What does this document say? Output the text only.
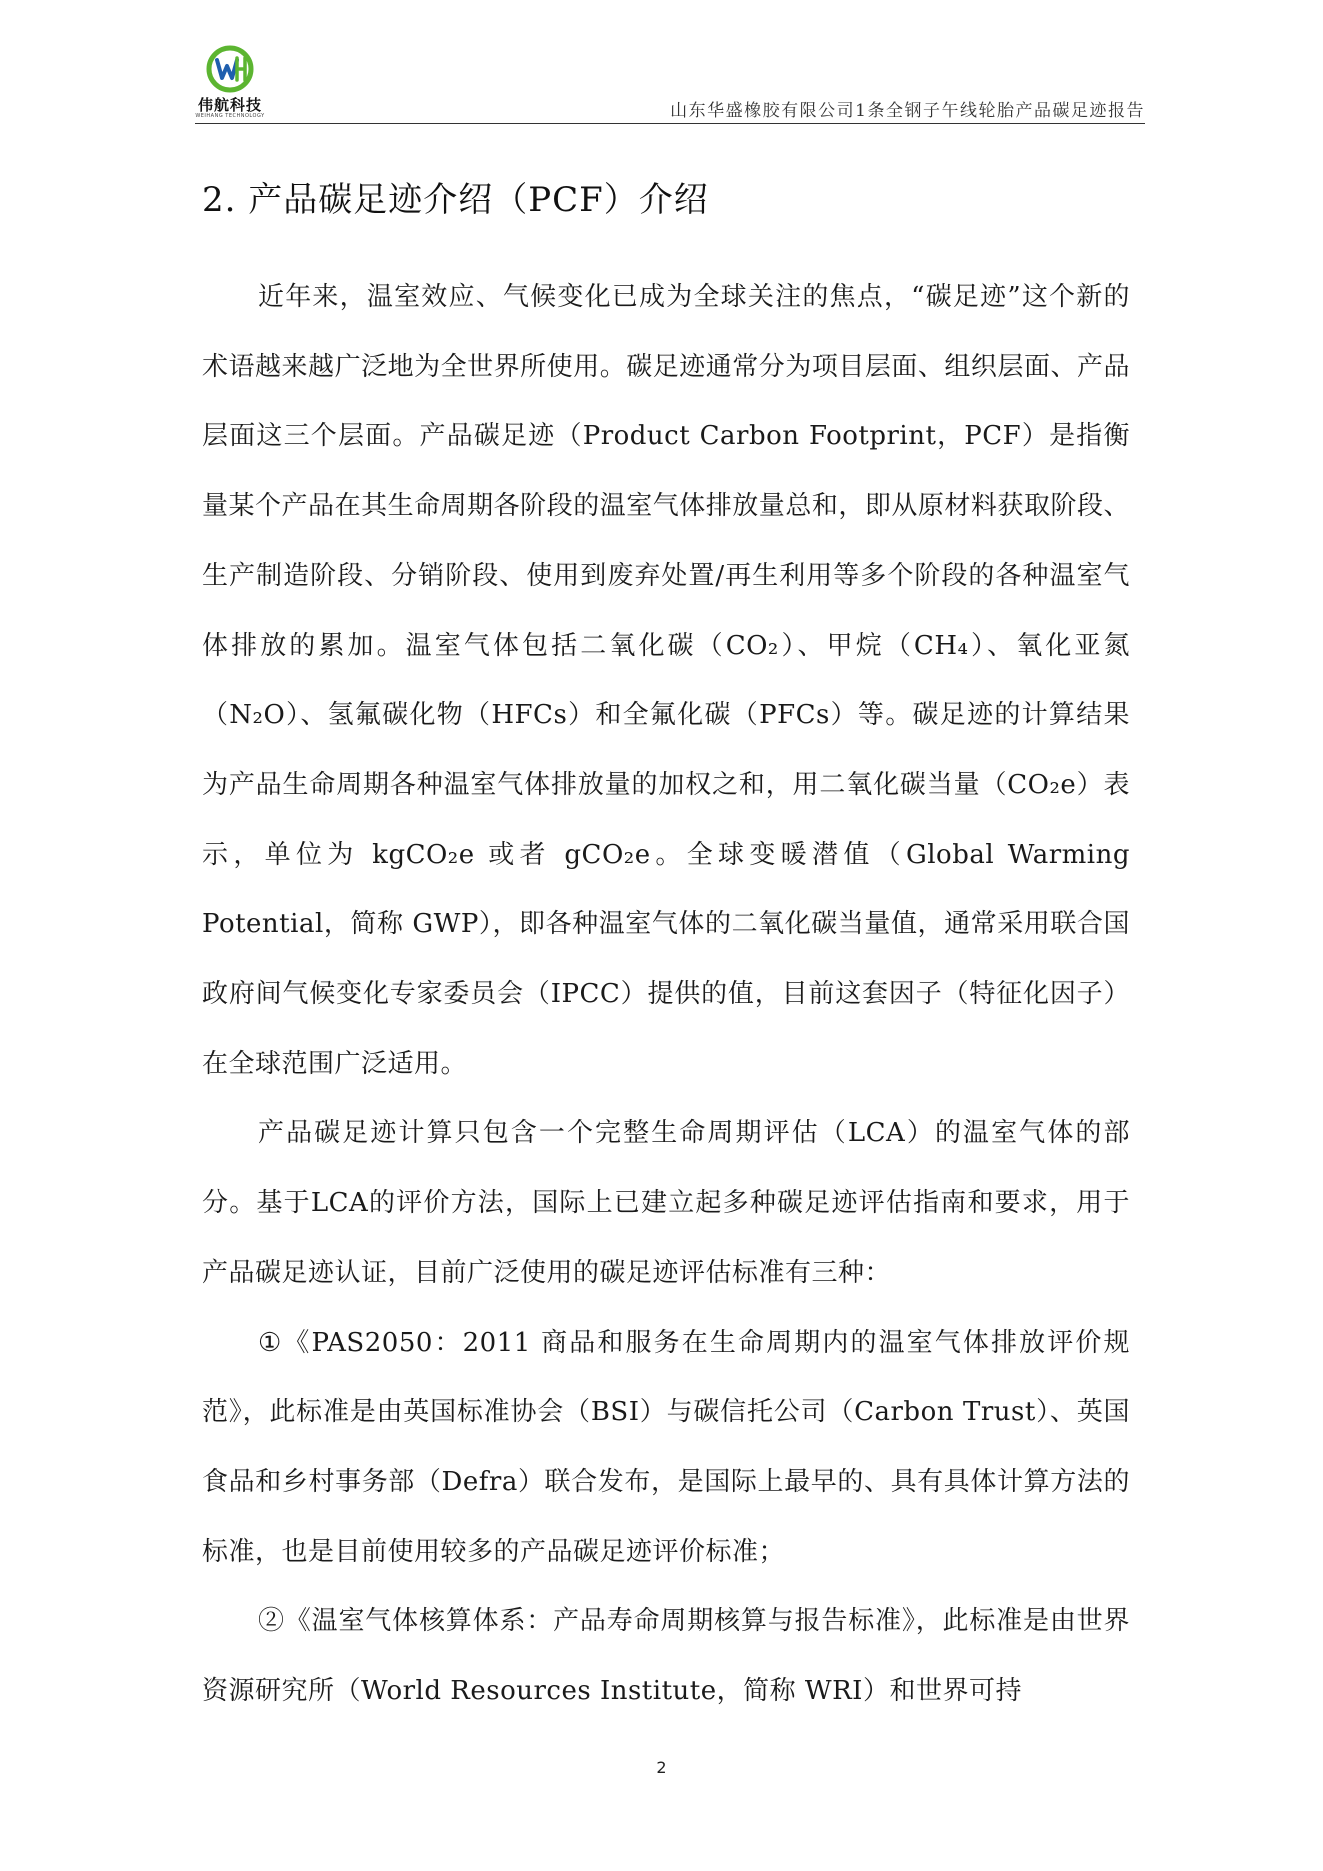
伟航科技
WEIHANG TECHNOLOGY	山东华盛橡胶有限公司1条全钢子午线轮胎产品碳足迹报告
2. 产品碳足迹介绍（PCF）介绍

近年来，温室效应、气候变化已成为全球关注的焦点，“碳足迹”这个新的术语越来越广泛地为全世界所使用。碳足迹通常分为项目层面、组织层面、产品层面这三个层面。产品碳足迹（Product Carbon Footprint，PCF）是指衡量某个产品在其生命周期各阶段的温室气体排放量总和，即从原材料获取阶段、生产制造阶段、分销阶段、使用到废弃处置/再生利用等多个阶段的各种温室气体排放的累加。温室气体包括二氧化碳（CO₂）、甲烷（CH₄）、氧化亚氮（N₂O）、氢氟碳化物（HFCs）和全氟化碳（PFCs）等。碳足迹的计算结果为产品生命周期各种温室气体排放量的加权之和，用二氧化碳当量（CO₂e）表示，单位为 kgCO₂e 或者 gCO₂e。全球变暖潜值（Global Warming Potential，简称 GWP），即各种温室气体的二氧化碳当量值，通常采用联合国政府间气候变化专家委员会（IPCC）提供的值，目前这套因子（特征化因子）在全球范围广泛适用。

产品碳足迹计算只包含一个完整生命周期评估（LCA）的温室气体的部分。基于LCA的评价方法，国际上已建立起多种碳足迹评估指南和要求，用于产品碳足迹认证，目前广泛使用的碳足迹评估标准有三种：

①《PAS2050：2011 商品和服务在生命周期内的温室气体排放评价规范》，此标准是由英国标准协会（BSI）与碳信托公司（Carbon Trust）、英国食品和乡村事务部（Defra）联合发布，是国际上最早的、具有具体计算方法的标准，也是目前使用较多的产品碳足迹评价标准；

②《温室气体核算体系：产品寿命周期核算与报告标准》，此标准是由世界资源研究所（World Resources Institute，简称 WRI）和世界可持

2
